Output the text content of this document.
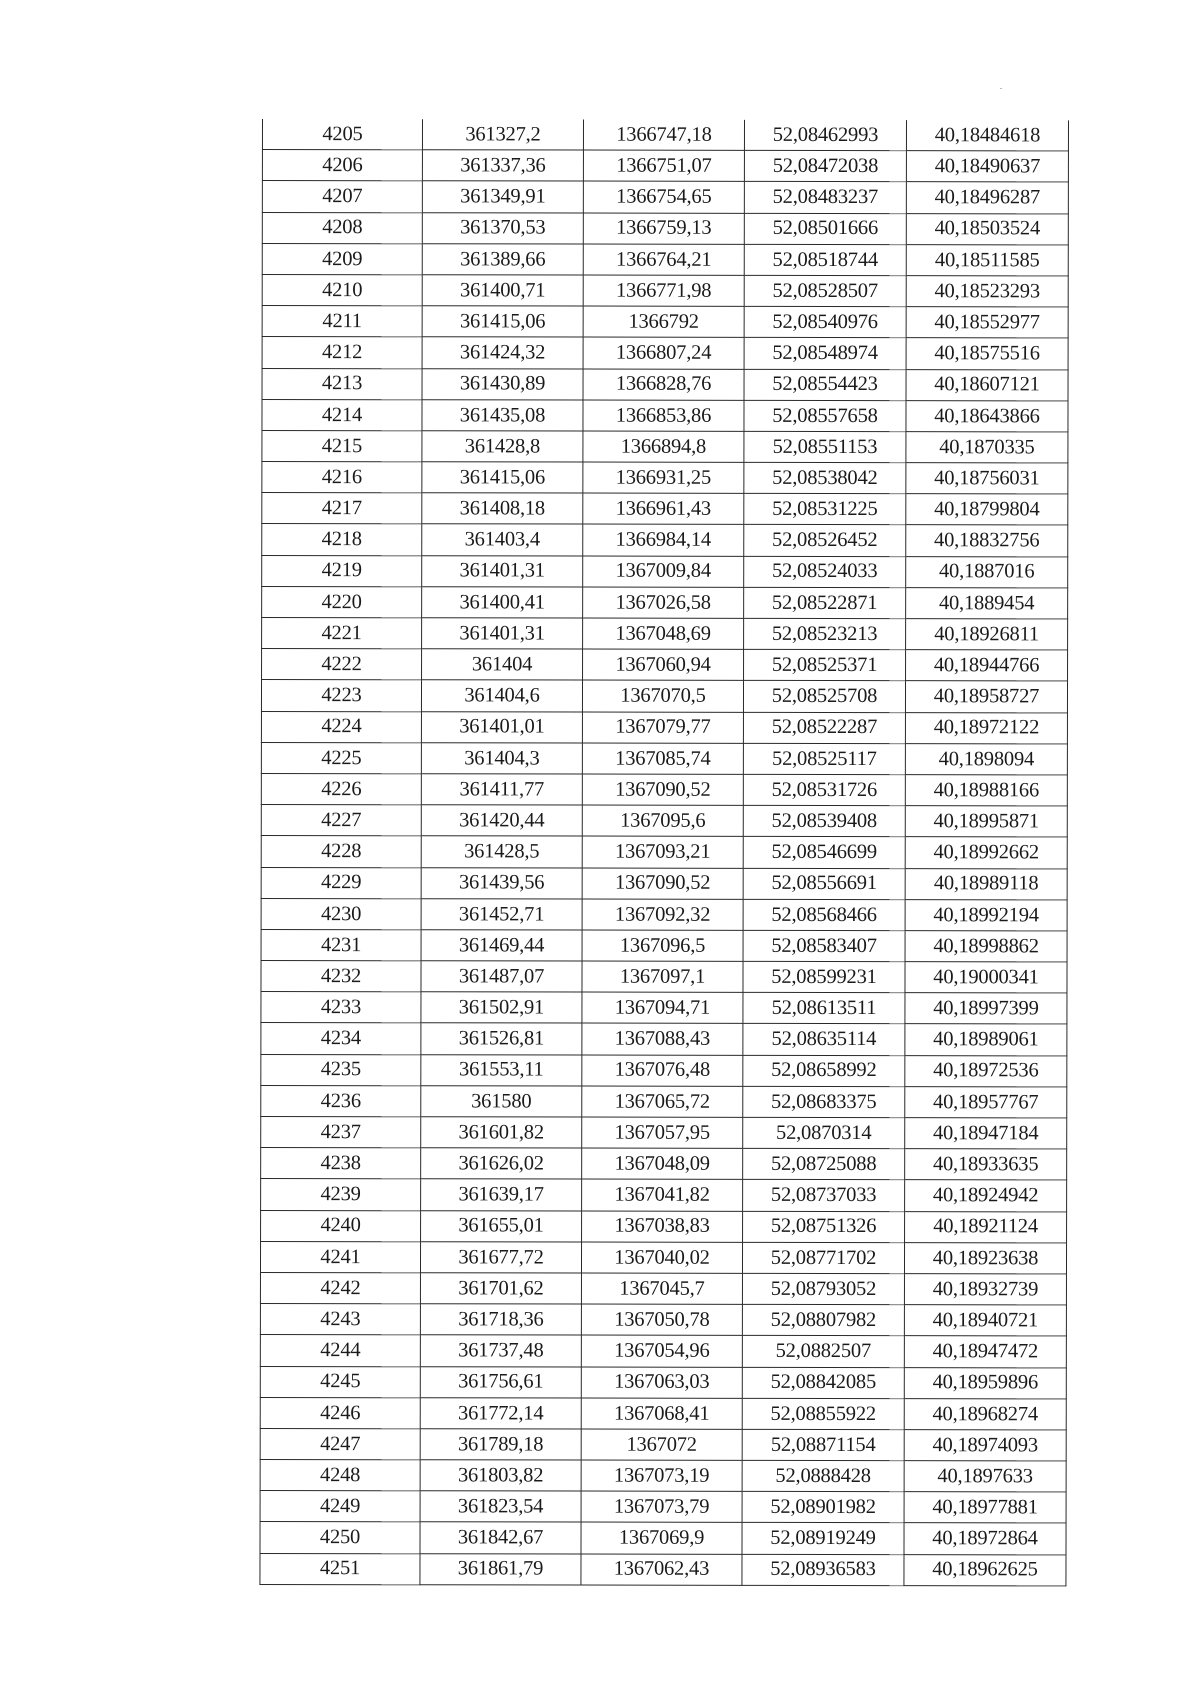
4205	361327,2	1366747,18	52,08462993	40,18484618
4206	361337,36	1366751,07	52,08472038	40,18490637
4207	361349,91	1366754,65	52,08483237	40,18496287
4208	361370,53	1366759,13	52,08501666	40,18503524
4209	361389,66	1366764,21	52,08518744	40,18511585
4210	361400,71	1366771,98	52,08528507	40,18523293
4211	361415,06	1366792	52,08540976	40,18552977
4212	361424,32	1366807,24	52,08548974	40,18575516
4213	361430,89	1366828,76	52,08554423	40,18607121
4214	361435,08	1366853,86	52,08557658	40,18643866
4215	361428,8	1366894,8	52,08551153	40,1870335
4216	361415,06	1366931,25	52,08538042	40,18756031
4217	361408,18	1366961,43	52,08531225	40,18799804
4218	361403,4	1366984,14	52,08526452	40,18832756
4219	361401,31	1367009,84	52,08524033	40,1887016
4220	361400,41	1367026,58	52,08522871	40,1889454
4221	361401,31	1367048,69	52,08523213	40,18926811
4222	361404	1367060,94	52,08525371	40,18944766
4223	361404,6	1367070,5	52,08525708	40,18958727
4224	361401,01	1367079,77	52,08522287	40,18972122
4225	361404,3	1367085,74	52,08525117	40,1898094
4226	361411,77	1367090,52	52,08531726	40,18988166
4227	361420,44	1367095,6	52,08539408	40,18995871
4228	361428,5	1367093,21	52,08546699	40,18992662
4229	361439,56	1367090,52	52,08556691	40,18989118
4230	361452,71	1367092,32	52,08568466	40,18992194
4231	361469,44	1367096,5	52,08583407	40,18998862
4232	361487,07	1367097,1	52,08599231	40,19000341
4233	361502,91	1367094,71	52,08613511	40,18997399
4234	361526,81	1367088,43	52,08635114	40,18989061
4235	361553,11	1367076,48	52,08658992	40,18972536
4236	361580	1367065,72	52,08683375	40,18957767
4237	361601,82	1367057,95	52,0870314	40,18947184
4238	361626,02	1367048,09	52,08725088	40,18933635
4239	361639,17	1367041,82	52,08737033	40,18924942
4240	361655,01	1367038,83	52,08751326	40,18921124
4241	361677,72	1367040,02	52,08771702	40,18923638
4242	361701,62	1367045,7	52,08793052	40,18932739
4243	361718,36	1367050,78	52,08807982	40,18940721
4244	361737,48	1367054,96	52,0882507	40,18947472
4245	361756,61	1367063,03	52,08842085	40,18959896
4246	361772,14	1367068,41	52,08855922	40,18968274
4247	361789,18	1367072	52,08871154	40,18974093
4248	361803,82	1367073,19	52,0888428	40,1897633
4249	361823,54	1367073,79	52,08901982	40,18977881
4250	361842,67	1367069,9	52,08919249	40,18972864
4251	361861,79	1367062,43	52,08936583	40,18962625
